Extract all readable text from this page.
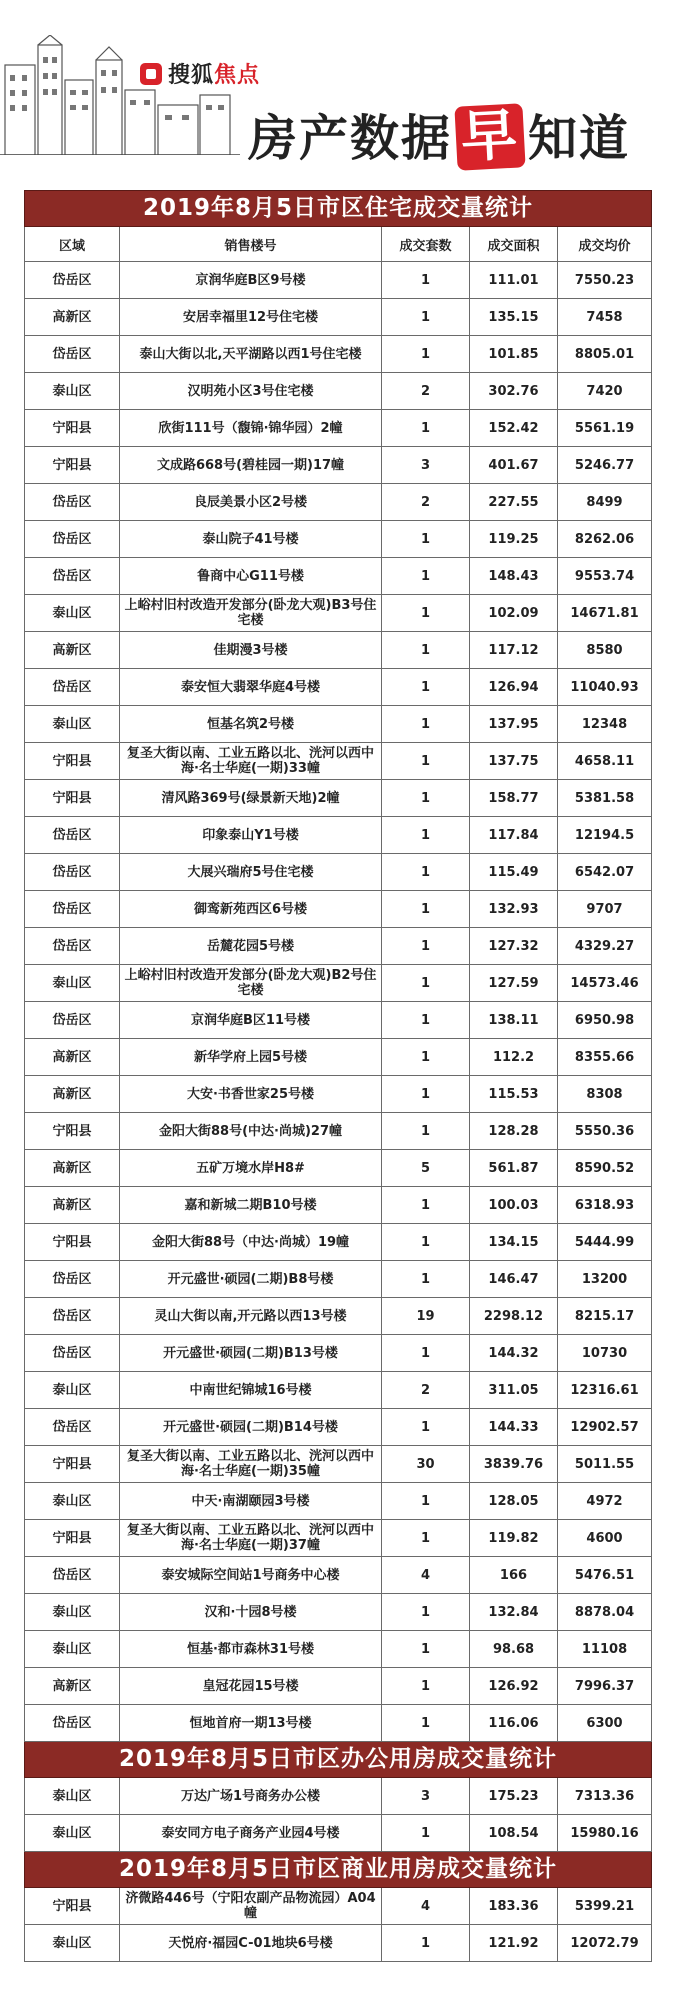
搜狐焦点
房产数据 早 知道
2019年8月5日市区住宅成交量统计				
区域	销售楼号	成交套数	成交面积	成交均价
岱岳区	京润华庭B区9号楼	1	111.01	7550.23
高新区	安居幸福里12号住宅楼	1	135.15	7458
岱岳区	泰山大街以北,天平湖路以西1号住宅楼	1	101.85	8805.01
泰山区	汉明苑小区3号住宅楼	2	302.76	7420
宁阳县	欣街111号（馥锦·锦华园）2幢	1	152.42	5561.19
宁阳县	文成路668号(碧桂园一期)17幢	3	401.67	5246.77
岱岳区	良辰美景小区2号楼	2	227.55	8499
岱岳区	泰山院子41号楼	1	119.25	8262.06
岱岳区	鲁商中心G11号楼	1	148.43	9553.74
泰山区	上峪村旧村改造开发部分(卧龙大观)B3号住宅楼	1	102.09	14671.81
高新区	佳期漫3号楼	1	117.12	8580
岱岳区	泰安恒大翡翠华庭4号楼	1	126.94	11040.93
泰山区	恒基名筑2号楼	1	137.95	12348
宁阳县	复圣大街以南、工业五路以北、洸河以西中海·名士华庭(一期)33幢	1	137.75	4658.11
宁阳县	清风路369号(绿景新天地)2幢	1	158.77	5381.58
岱岳区	印象泰山Y1号楼	1	117.84	12194.5
岱岳区	大展兴瑞府5号住宅楼	1	115.49	6542.07
岱岳区	御鸾新苑西区6号楼	1	132.93	9707
岱岳区	岳麓花园5号楼	1	127.32	4329.27
泰山区	上峪村旧村改造开发部分(卧龙大观)B2号住宅楼	1	127.59	14573.46
岱岳区	京润华庭B区11号楼	1	138.11	6950.98
高新区	新华学府上园5号楼	1	112.2	8355.66
高新区	大安·书香世家25号楼	1	115.53	8308
宁阳县	金阳大街88号(中达·尚城)27幢	1	128.28	5550.36
高新区	五矿万境水岸H8#	5	561.87	8590.52
高新区	嘉和新城二期B10号楼	1	100.03	6318.93
宁阳县	金阳大街88号（中达·尚城）19幢	1	134.15	5444.99
岱岳区	开元盛世·硕园(二期)B8号楼	1	146.47	13200
岱岳区	灵山大街以南,开元路以西13号楼	19	2298.12	8215.17
岱岳区	开元盛世·硕园(二期)B13号楼	1	144.32	10730
泰山区	中南世纪锦城16号楼	2	311.05	12316.61
岱岳区	开元盛世·硕园(二期)B14号楼	1	144.33	12902.57
宁阳县	复圣大街以南、工业五路以北、洸河以西中海·名士华庭(一期)35幢	30	3839.76	5011.55
泰山区	中天·南湖颐园3号楼	1	128.05	4972
宁阳县	复圣大街以南、工业五路以北、洸河以西中海·名士华庭(一期)37幢	1	119.82	4600
岱岳区	泰安城际空间站1号商务中心楼	4	166	5476.51
泰山区	汉和·十园8号楼	1	132.84	8878.04
泰山区	恒基·都市森林31号楼	1	98.68	11108
高新区	皇冠花园15号楼	1	126.92	7996.37
岱岳区	恒地首府一期13号楼	1	116.06	6300
2019年8月5日市区办公用房成交量统计				
泰山区	万达广场1号商务办公楼	3	175.23	7313.36
泰山区	泰安同方电子商务产业园4号楼	1	108.54	15980.16
2019年8月5日市区商业用房成交量统计				
宁阳县	济微路446号（宁阳农副产品物流园）A04幢	4	183.36	5399.21
泰山区	天悦府·福园C-01地块6号楼	1	121.92	12072.79
